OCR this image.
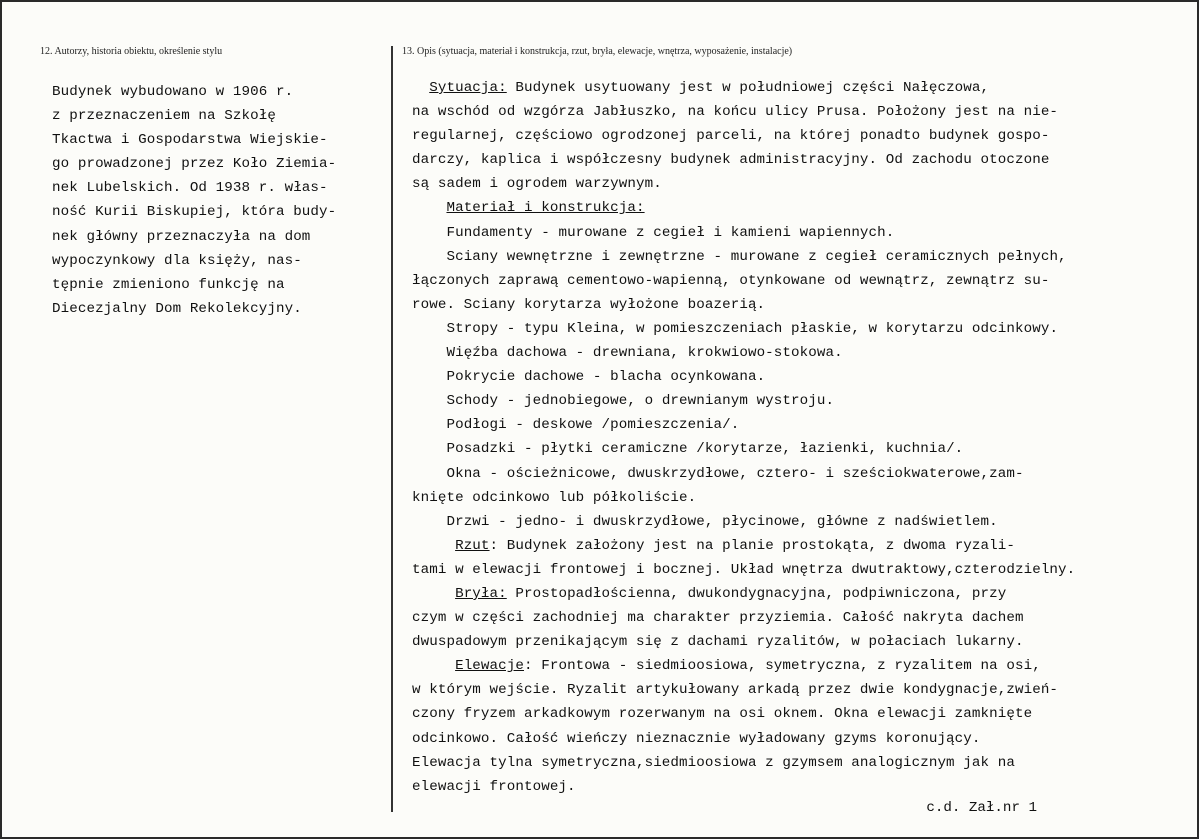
12. Autorzy, historia obiektu, określenie stylu	13. Opis (sytuacja, materiał i konstrukcja, rzut, bryła, elewacje, wnętrza, wyposażenie, instalacje)
Budynek wybudowano w 1906 r.
z przeznaczeniem na Szkołę
Tkactwa i Gospodarstwa Wiejskie-
go prowadzonej przez Koło Ziemia-
nek Lubelskich. Od 1938 r. włas-
ność Kurii Biskupiej, która budy-
nek główny przeznaczyła na dom
wypoczynkowy dla księży, nas-
tępnie zmieniono funkcję na
Diecezjalny Dom Rekolekcyjny.
Sytuacja: Budynek usytuowany jest w południowej części Nałęczowa,
na wschód od wzgórza Jabłuszko, na końcu ulicy Prusa. Położony jest na nie-
regularnej, częściowo ogrodzonej parceli, na której ponadto budynek gospo-
darczy, kaplica i współczesny budynek administracyjny. Od zachodu otoczone
są sadem i ogrodem warzywnym.
Materiał i konstrukcja:
Fundamenty - murowane z cegieł i kamieni wapiennych.
Sciany wewnętrzne i zewnętrzne - murowane z cegieł ceramicznych pełnych,
łączonych zaprawą cementowo-wapienną, otynkowane od wewnątrz, zewnątrz su-
rowe. Sciany korytarza wyłożone boazerią.
Stropy - typu Kleina, w pomieszczeniach płaskie, w korytarzu odcinkowy.
Więźba dachowa - drewniana, krokwiowo-stokowa.
Pokrycie dachowe - blacha ocynkowana.
Schody - jednobiegowe, o drewnianym wystroju.
Podłogi - deskowe /pomieszczenia/.
Posadzki - płytki ceramiczne /korytarze, łazienki, kuchnia/.
Okna - ościeżnicowe, dwuskrzydłowe, cztero- i sześciokwaterowe,zam-
knięte odcinkowo lub półkoliście.
Drzwi - jedno- i dwuskrzydłowe, płycinowe, główne z nadświetlem.
Rzut: Budynek założony jest na planie prostokąta, z dwoma ryzali-
tami w elewacji frontowej i bocznej. Układ wnętrza dwutraktowy,czterodzielny.
Bryła: Prostopadłościenna, dwukondygnacyjna, podpiwniczona, przy
czym w części zachodniej ma charakter przyziemia. Całość nakryta dachem
dwuspadowym przenikającym się z dachami ryzalitów, w połaciach lukarny.
Elewacje: Frontowa - siedmioosiowa, symetryczna, z ryzalitem na osi,
w którym wejście. Ryzalit artykułowany arkadą przez dwie kondygnacje,zwień-
czony fryzem arkadkowym rozerwanym na osi oknem. Okna elewacji zamknięte
odcinkowo. Całość wieńczy nieznacznie wyładowany gzyms koronujący.
Elewacja tylna symetryczna,siedmioosiowa z gzymsem analogicznym jak na
elewacji frontowej.
c.d. Zał.nr 1
